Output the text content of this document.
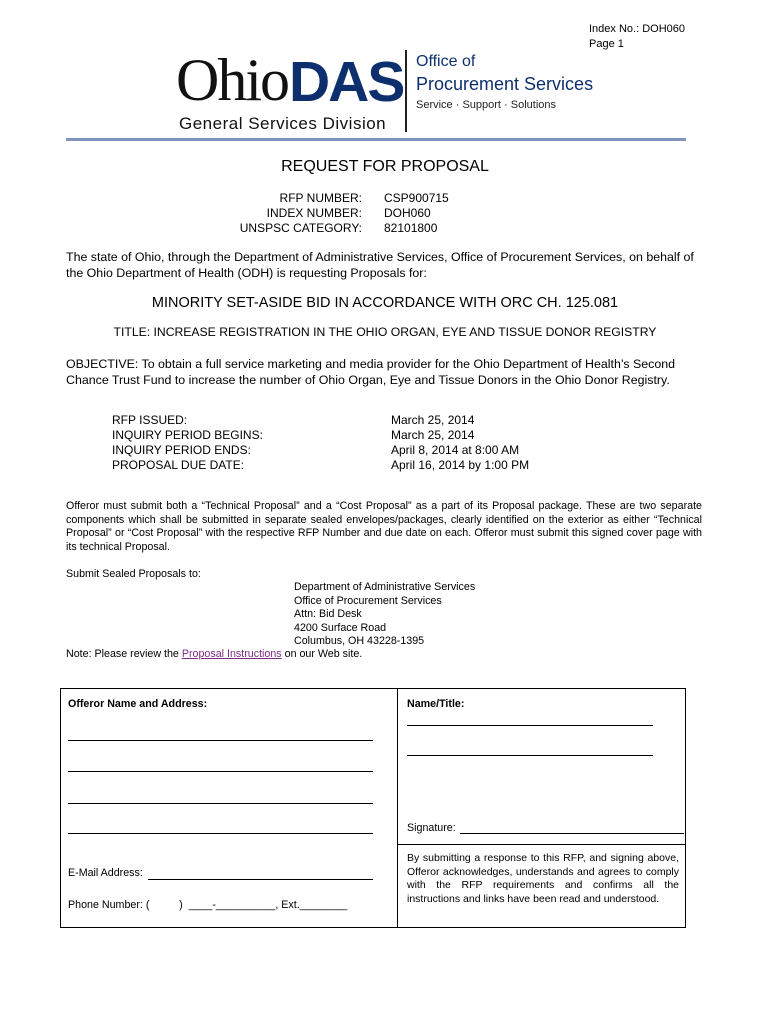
Index No.: DOH060
Page 1
Ohio DAS
General Services Division
Office of
Procurement Services
Service · Support · Solutions
REQUEST FOR PROPOSAL
RFP NUMBER:
INDEX NUMBER:
UNSPSC CATEGORY:
CSP900715
DOH060
82101800
The state of Ohio, through the Department of Administrative Services, Office of Procurement Services, on behalf of the Ohio Department of Health (ODH) is requesting Proposals for:
MINORITY SET-ASIDE BID IN ACCORDANCE WITH ORC CH. 125.081
TITLE: INCREASE REGISTRATION IN THE OHIO ORGAN, EYE AND TISSUE DONOR REGISTRY
OBJECTIVE: To obtain a full service marketing and media provider for the Ohio Department of Health’s Second Chance Trust Fund to increase the number of Ohio Organ, Eye and Tissue Donors in the Ohio Donor Registry.
RFP ISSUED:
INQUIRY PERIOD BEGINS:
INQUIRY PERIOD ENDS:
PROPOSAL DUE DATE:
March 25, 2014
March 25, 2014
April 8, 2014 at 8:00 AM
April 16, 2014 by 1:00 PM
Offeror must submit both a “Technical Proposal” and a “Cost Proposal” as a part of its Proposal package. These are two separate components which shall be submitted in separate sealed envelopes/packages, clearly identified on the exterior as either “Technical Proposal” or “Cost Proposal” with the respective RFP Number and due date on each. Offeror must submit this signed cover page with its technical Proposal.
Submit Sealed Proposals to:
Department of Administrative Services
Office of Procurement Services
Attn: Bid Desk
4200 Surface Road
Columbus, OH 43228-1395
Note: Please review the Proposal Instructions on our Web site.
Offeror Name and Address:
E-Mail Address:
Phone Number: (          )  ____-__________, Ext.________
Name/Title:
Signature:
By submitting a response to this RFP, and signing above, Offeror acknowledges, understands and agrees to comply with the RFP requirements and confirms all the instructions and links have been read and understood.
